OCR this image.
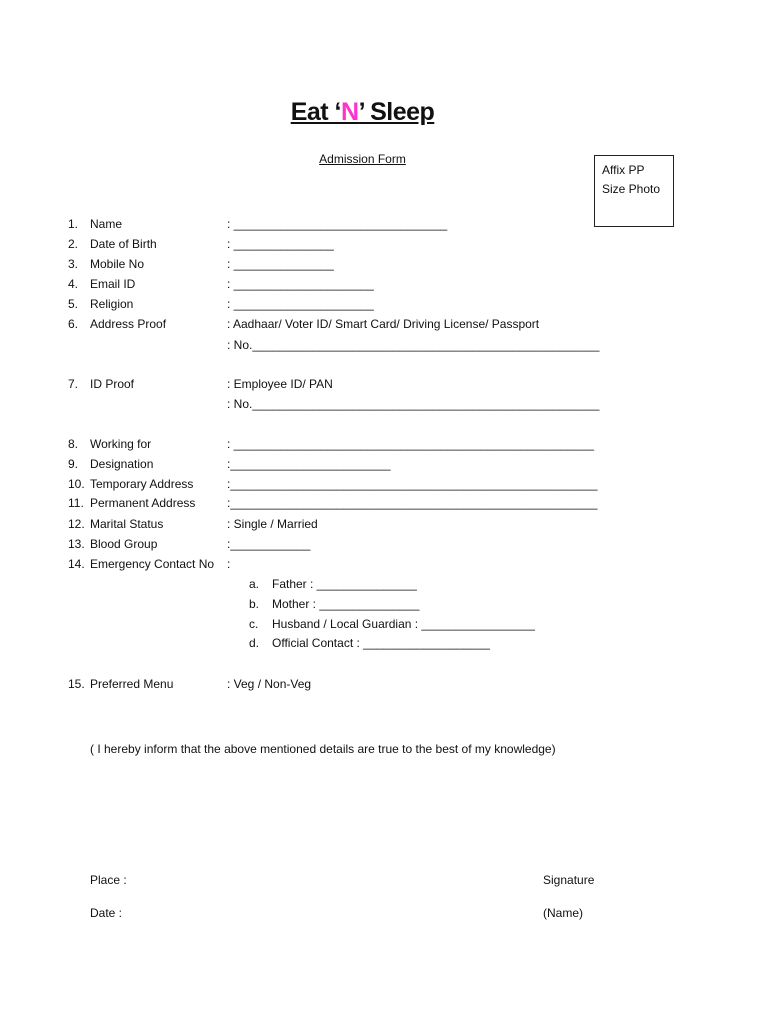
Eat ‘N’ Sleep
Admission Form
Affix PP
Size Photo
1. Name	: ________________________________
2. Date of Birth	: _______________
3. Mobile No	: _______________
4. Email ID	: _____________________
5. Religion	: _____________________
6. Address Proof	: Aadhaar/ Voter ID/ Smart Card/ Driving License/ Passport
: No.____________________________________________________
7. ID Proof	: Employee ID/ PAN
: No.____________________________________________________
8. Working for	: ______________________________________________________
9. Designation	:________________________
10. Temporary Address	:_______________________________________________________
11. Permanent Address	:_______________________________________________________
12. Marital Status	: Single / Married
13. Blood Group	:____________
14. Emergency Contact No :
a. Father : _______________
b. Mother : _______________
c. Husband / Local Guardian : _________________
d. Official Contact : ___________________
15. Preferred Menu	: Veg / Non-Veg
( I hereby inform that the above mentioned details are true to the best of my knowledge)
Place :
Date :
Signature
(Name)
